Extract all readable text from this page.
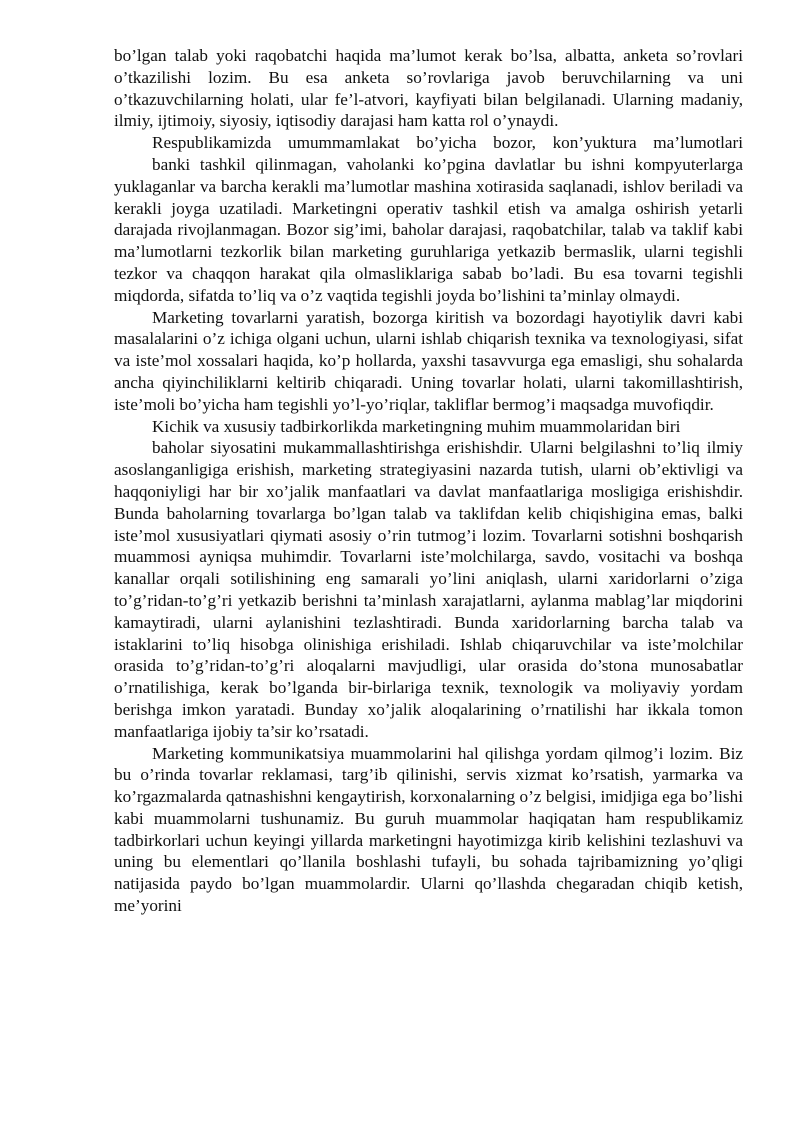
bo’lgan talab yoki raqobatchi haqida ma’lumot kerak bo’lsa, albatta, anketa so’rovlari o’tkazilishi lozim. Bu esa anketa so’rovlariga javob beruvchilarning va uni o’tkazuvchilarning holati, ular fe’l-atvori, kayfiyati bilan belgilanadi. Ularning madaniy, ilmiy, ijtimoiy, siyosiy, iqtisodiy darajasi ham katta rol o’ynaydi.

Respublikamizda umummamlakat bo’yicha bozor, kon’yuktura ma’lumotlari

banki tashkil qilinmagan, vaholanki ko’pgina davlatlar bu ishni kompyuterlarga yuklaganlar va barcha kerakli ma’lumotlar mashina xotirasida saqlanadi, ishlov beriladi va kerakli joyga uzatiladi. Marketingni operativ tashkil etish va amalga oshirish yetarli darajada rivojlanmagan. Bozor sig’imi, baholar darajasi, raqobatchilar, talab va taklif kabi ma’lumotlarni tezkorlik bilan marketing guruhlariga yetkazib bermaslik, ularni tegishli tezkor va chaqqon harakat qila olmasliklariga sabab bo’ladi. Bu esa tovarni tegishli miqdorda, sifatda to’liq va o’z vaqtida tegishli joyda bo’lishini ta’minlay olmaydi.

Marketing tovarlarni yaratish, bozorga kiritish va bozordagi hayotiylik davri kabi masalalarini o’z ichiga olgani uchun, ularni ishlab chiqarish texnika va texnologiyasi, sifat va iste’mol xossalari haqida, ko’p hollarda, yaxshi tasavvurga ega emasligi, shu sohalarda ancha qiyinchiliklarni keltirib chiqaradi. Uning tovarlar holati, ularni takomillashtirish, iste’moli bo’yicha ham tegishli yo’l-yo’riqlar, takliflar bermog’i maqsadga muvofiqdir.

Kichik va xususiy tadbirkorlikda marketingning muhim muammolaridan biri

baholar siyosatini mukammallashtirishga erishishdir. Ularni belgilashni to’liq ilmiy asoslanganligiga erishish, marketing strategiyasini nazarda tutish, ularni ob’ektivligi va haqqoniyligi har bir xo’jalik manfaatlari va davlat manfaatlariga mosligiga erishishdir. Bunda baholarning tovarlarga bo’lgan talab va taklifdan kelib chiqishigina emas, balki iste’mol xususiyatlari qiymati asosiy o’rin tutmog’i lozim. Tovarlarni sotishni boshqarish muammosi ayniqsa muhimdir. Tovarlarni iste’molchilarga, savdo, vositachi va boshqa kanallar orqali sotilishining eng samarali yo’lini aniqlash, ularni xaridorlarni o’ziga to’g’ridan-to’g’ri yetkazib berishni ta’minlash xarajatlarni, aylanma mablag’lar miqdorini kamaytiradi, ularni aylanishini tezlashtiradi. Bunda xaridorlarning barcha talab va istaklarini to’liq hisobga olinishiga erishiladi. Ishlab chiqaruvchilar va iste’molchilar orasida to’g’ridan-to’g’ri aloqalarni mavjudligi, ular orasida do’stona munosabatlar o’rnatilishiga, kerak bo’lganda bir-birlariga texnik, texnologik va moliyaviy yordam berishga imkon yaratadi. Bunday xo’jalik aloqalarining o’rnatilishi har ikkala tomon manfaatlariga ijobiy ta’sir ko’rsatadi.

Marketing kommunikatsiya muammolarini hal qilishga yordam qilmog’i lozim. Biz bu o’rinda tovarlar reklamasi, targ’ib qilinishi, servis xizmat ko’rsatish, yarmarka va ko’rgazmalarda qatnashishni kengaytirish, korxonalarning o’z belgisi, imidjiga ega bo’lishi kabi muammolarni tushunamiz. Bu guruh muammolar haqiqatan ham respublikamiz tadbirkorlari uchun keyingi yillarda marketingni hayotimizga kirib kelishini tezlashuvi va uning bu elementlari qo’llanila boshlashi tufayli, bu sohada tajribamizning yo’qligi natijasida paydo bo’lgan muammolardir. Ularni qo’llashda chegaradan chiqib ketish, me’yorini
